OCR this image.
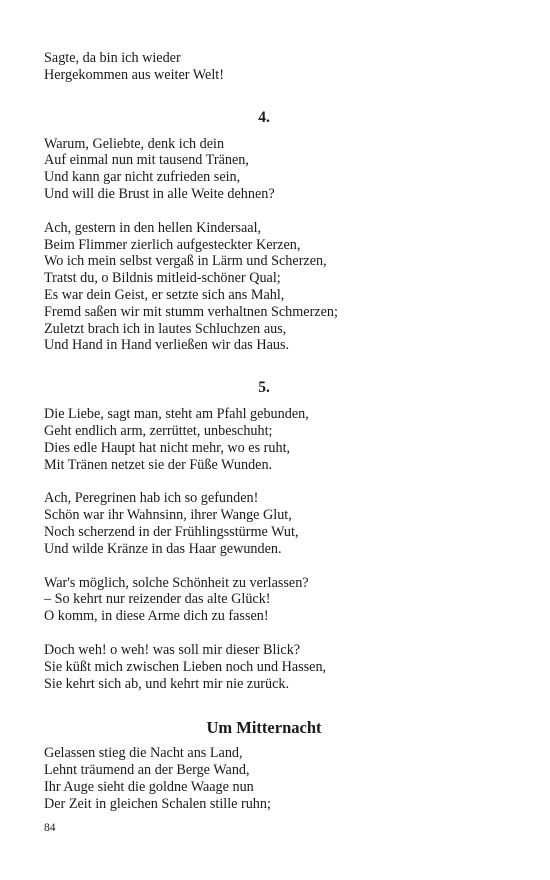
Sagte, da bin ich wieder
Hergekommen aus weiter Welt!
4.
Warum, Geliebte, denk ich dein
Auf einmal nun mit tausend Tränen,
Und kann gar nicht zufrieden sein,
Und will die Brust in alle Weite dehnen?
Ach, gestern in den hellen Kindersaal,
Beim Flimmer zierlich aufgesteckter Kerzen,
Wo ich mein selbst vergaß in Lärm und Scherzen,
Tratst du, o Bildnis mitleid-schöner Qual;
Es war dein Geist, er setzte sich ans Mahl,
Fremd saßen wir mit stumm verhaltnen Schmerzen;
Zuletzt brach ich in lautes Schluchzen aus,
Und Hand in Hand verließen wir das Haus.
5.
Die Liebe, sagt man, steht am Pfahl gebunden,
Geht endlich arm, zerrüttet, unbeschuht;
Dies edle Haupt hat nicht mehr, wo es ruht,
Mit Tränen netzet sie der Füße Wunden.
Ach, Peregrinen hab ich so gefunden!
Schön war ihr Wahnsinn, ihrer Wange Glut,
Noch scherzend in der Frühlingsstürme Wut,
Und wilde Kränze in das Haar gewunden.
War's möglich, solche Schönheit zu verlassen?
– So kehrt nur reizender das alte Glück!
O komm, in diese Arme dich zu fassen!
Doch weh! o weh! was soll mir dieser Blick?
Sie küßt mich zwischen Lieben noch und Hassen,
Sie kehrt sich ab, und kehrt mir nie zurück.
Um Mitternacht
Gelassen stieg die Nacht ans Land,
Lehnt träumend an der Berge Wand,
Ihr Auge sieht die goldne Waage nun
Der Zeit in gleichen Schalen stille ruhn;
84
